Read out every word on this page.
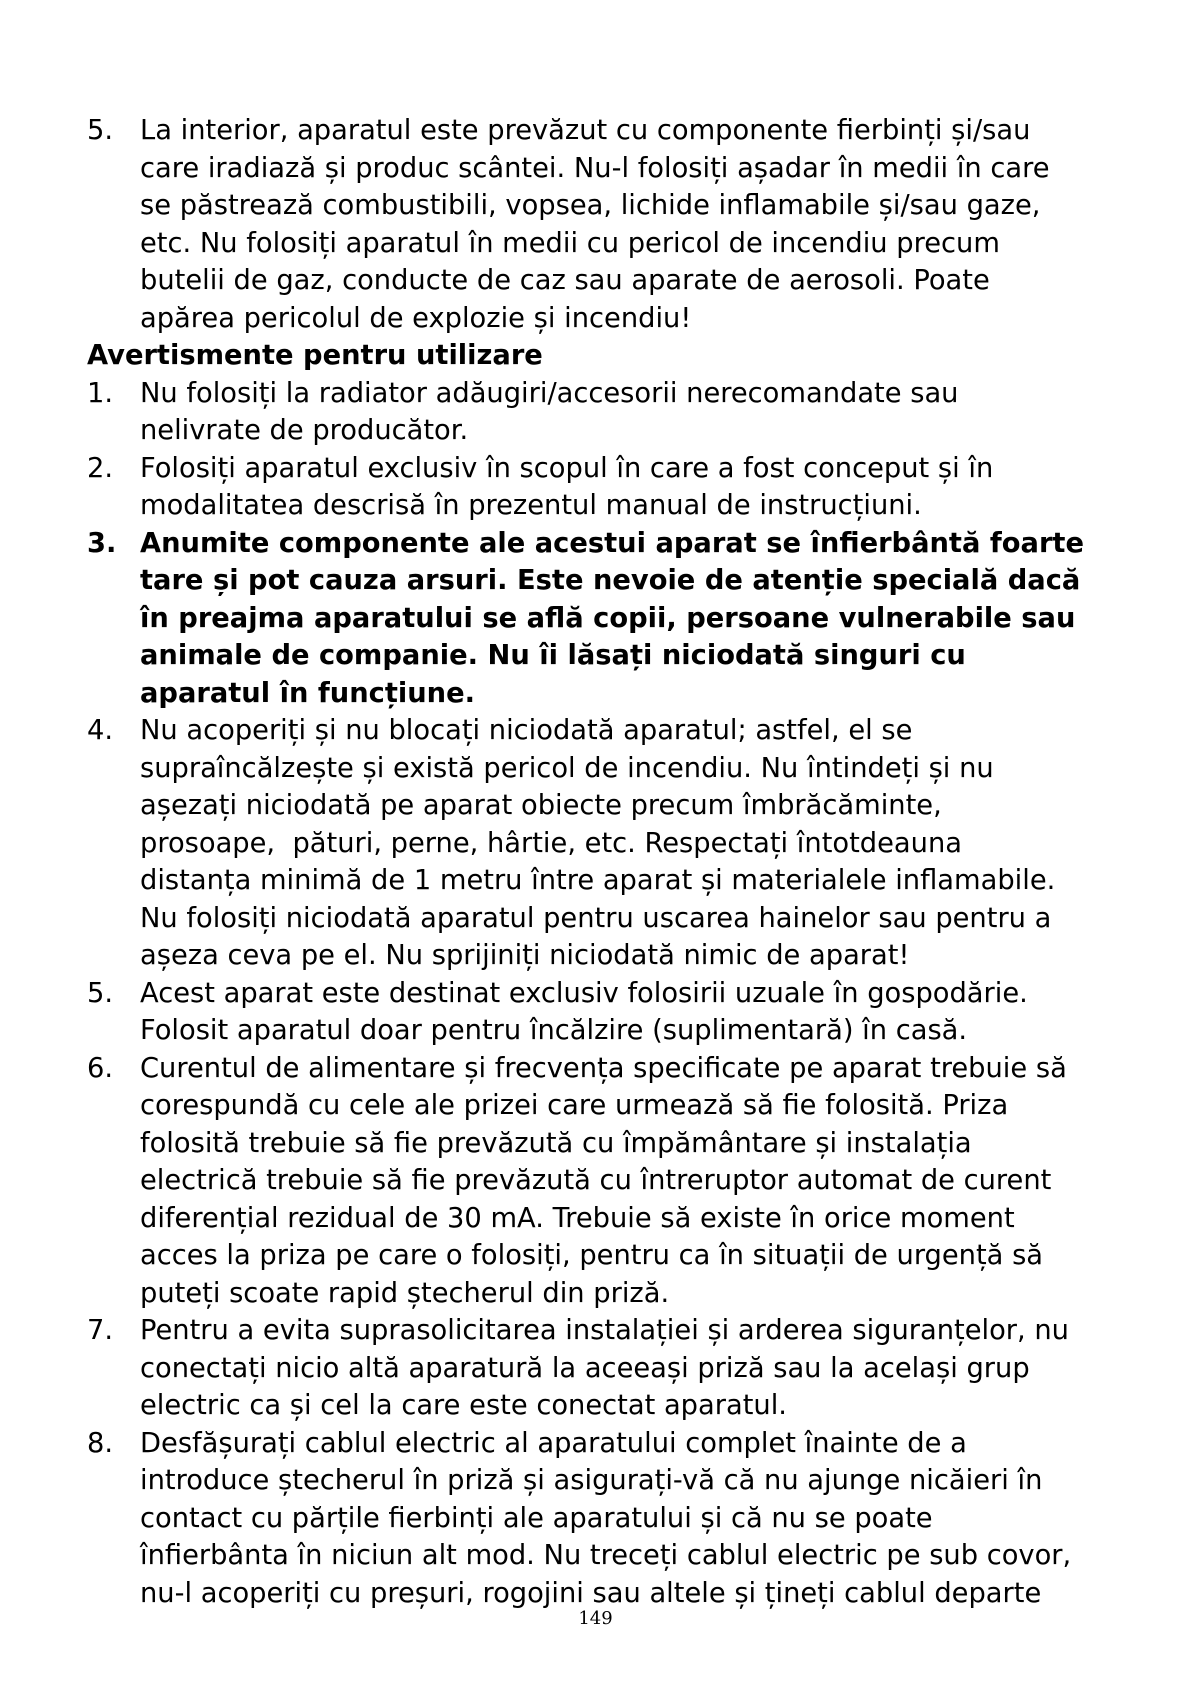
5. La interior, aparatul este prevăzut cu componente fierbinți și/sau
care iradiază și produc scântei. Nu-l folosiți așadar în medii în care
se păstrează combustibili, vopsea, lichide inflamabile și/sau gaze,
etc. Nu folosiți aparatul în medii cu pericol de incendiu precum
butelii de gaz, conducte de caz sau aparate de aerosoli. Poate
apărea pericolul de explozie și incendiu!
Avertismente pentru utilizare
1. Nu folosiți la radiator adăugiri/accesorii nerecomandate sau
nelivrate de producător.
2. Folosiți aparatul exclusiv în scopul în care a fost conceput și în
modalitatea descrisă în prezentul manual de instrucțiuni.
3. Anumite componente ale acestui aparat se înfierbântă foarte
tare și pot cauza arsuri. Este nevoie de atenție specială dacă
în preajma aparatului se află copii, persoane vulnerabile sau
animale de companie. Nu îi lăsați niciodată singuri cu
aparatul în funcțiune.
4. Nu acoperiți și nu blocați niciodată aparatul; astfel, el se
supraîncălzește și există pericol de incendiu. Nu întindeți și nu
așezați niciodată pe aparat obiecte precum îmbrăcăminte,
prosoape,  pături, perne, hârtie, etc. Respectați întotdeauna
distanța minimă de 1 metru între aparat și materialele inflamabile.
Nu folosiți niciodată aparatul pentru uscarea hainelor sau pentru a
așeza ceva pe el. Nu sprijiniți niciodată nimic de aparat!
5. Acest aparat este destinat exclusiv folosirii uzuale în gospodărie.
Folosit aparatul doar pentru încălzire (suplimentară) în casă.
6. Curentul de alimentare și frecvența specificate pe aparat trebuie să
corespundă cu cele ale prizei care urmează să fie folosită. Priza
folosită trebuie să fie prevăzută cu împământare și instalația
electrică trebuie să fie prevăzută cu întreruptor automat de curent
diferențial rezidual de 30 mA. Trebuie să existe în orice moment
acces la priza pe care o folosiți, pentru ca în situații de urgență să
puteți scoate rapid ștecherul din priză.
7. Pentru a evita suprasolicitarea instalației și arderea siguranțelor, nu
conectați nicio altă aparatură la aceeași priză sau la același grup
electric ca și cel la care este conectat aparatul.
8. Desfășurați cablul electric al aparatului complet înainte de a
introduce ștecherul în priză și asigurați-vă că nu ajunge nicăieri în
contact cu părțile fierbinți ale aparatului și că nu se poate
înfierbânta în niciun alt mod. Nu treceți cablul electric pe sub covor,
nu-l acoperiți cu preșuri, rogojini sau altele și țineți cablul departe
149
